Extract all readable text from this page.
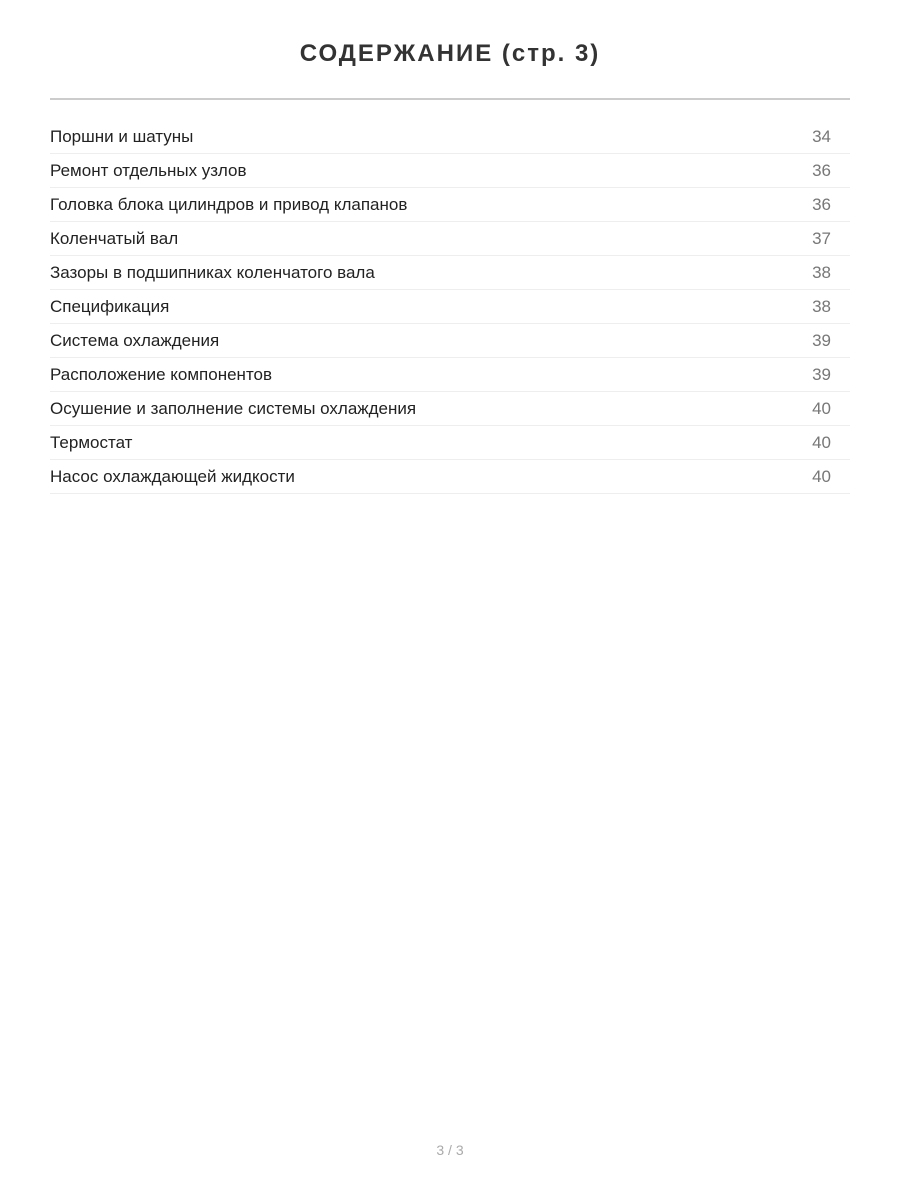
СОДЕРЖАНИЕ (стр. 3)
Поршни и шатуны	34
Ремонт отдельных узлов	36
Головка блока цилиндров и привод клапанов	36
Коленчатый вал	37
Зазоры в подшипниках коленчатого вала	38
Спецификация	38
Система охлаждения	39
Расположение компонентов	39
Осушение и заполнение системы охлаждения	40
Термостат	40
Насос охлаждающей жидкости	40
3 / 3
